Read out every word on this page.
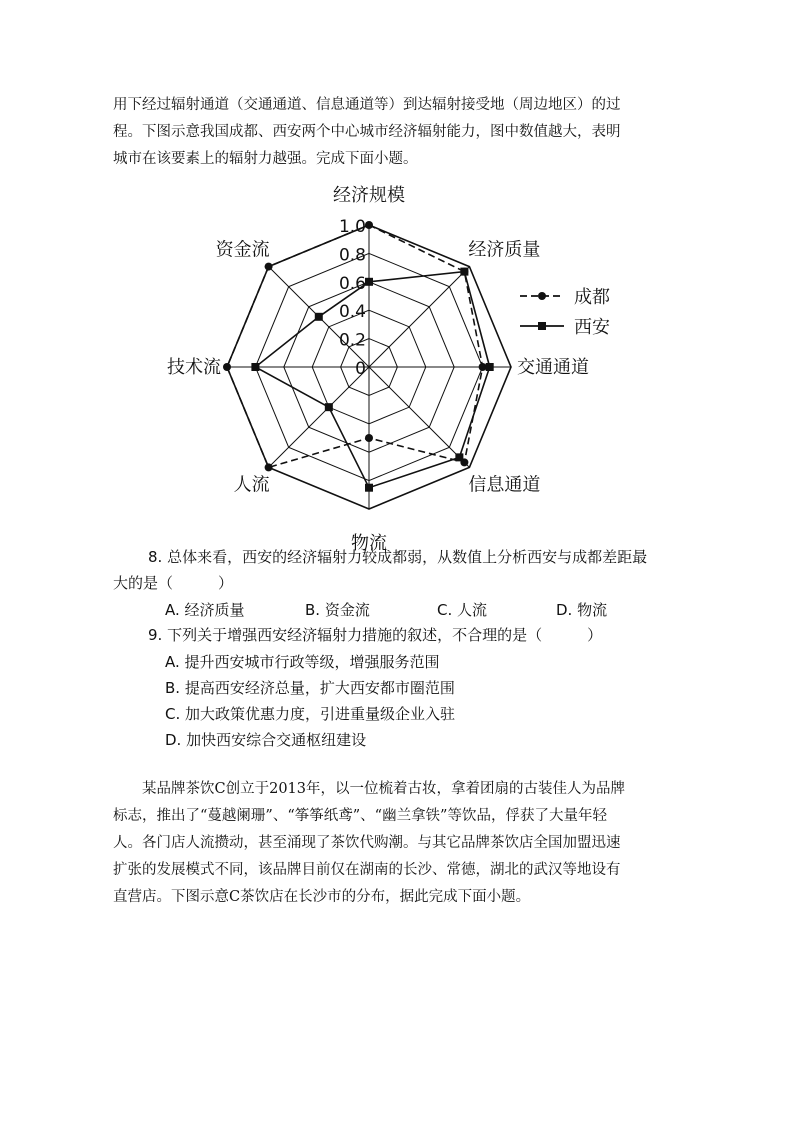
用下经过辐射通道（交通通道、信息通道等）到达辐射接受地（周边地区）的过

程。下图示意我国成都、西安两个中心城市经济辐射能力，图中数值越大，表明

城市在该要素上的辐射力越强。完成下面小题。

经济规模
经济质量
交通通道
信息通道
物流
人流
技术流
资金流
0
0.2
0.4
0.6
0.8
1.0
成都
西安
8. 总体来看，西安的经济辐射力较成都弱，从数值上分析西安与成都差距最
大的是（　　　）
A. 经济质量	B. 资金流	C. 人流	D. 物流
9. 下列关于增强西安经济辐射力措施的叙述，不合理的是（　　　）
A. 提升西安城市行政等级，增强服务范围
B. 提高西安经济总量，扩大西安都市圈范围
C. 加大政策优惠力度，引进重量级企业入驻
D. 加快西安综合交通枢纽建设

　　某品牌茶饮C创立于2013年，以一位梳着古妆，拿着团扇的古装佳人为品牌

标志，推出了“蔓越阑珊”、“筝筝纸鸢”、“幽兰拿铁”等饮品，俘获了大量年轻

人。各门店人流攒动，甚至涌现了茶饮代购潮。与其它品牌茶饮店全国加盟迅速

扩张的发展模式不同，该品牌目前仅在湖南的长沙、常德，湖北的武汉等地设有

直营店。下图示意C茶饮店在长沙市的分布，据此完成下面小题。
